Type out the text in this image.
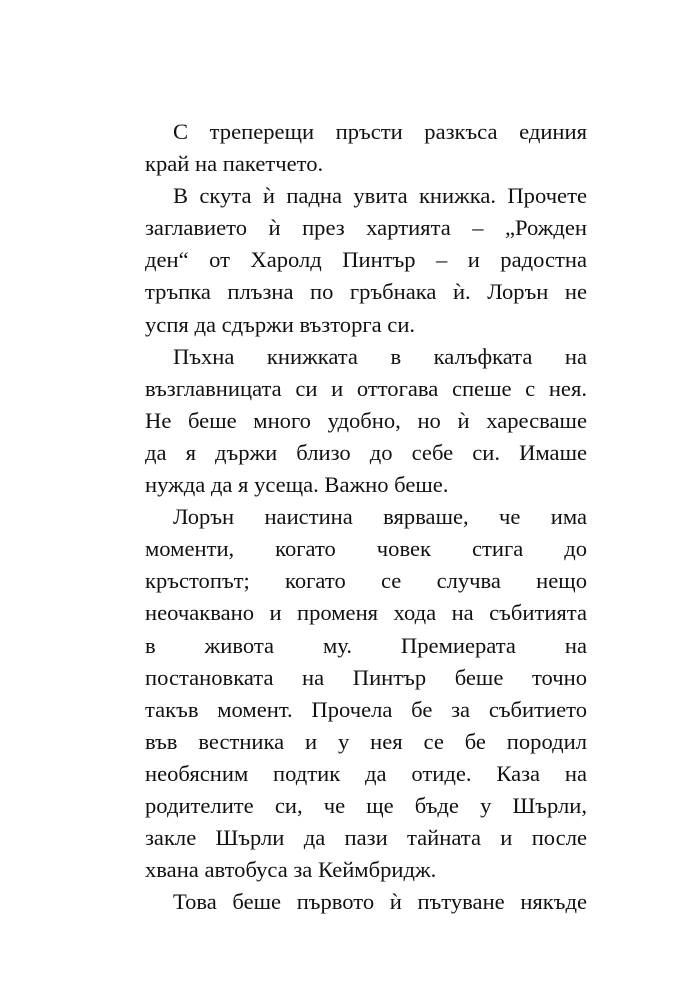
С треперещи пръсти разкъса единия
край на пакетчето.

В скута ѝ падна увита книжка. Прочете
заглавието ѝ през хартията – „Рожден
ден“ от Харолд Пинтър – и радостна
тръпка плъзна по гръбнака ѝ. Лорън не
успя да сдържи възторга си.

Пъхна книжката в калъфката на
възглавницата си и оттогава спеше с нея.
Не беше много удобно, но ѝ харесваше
да я държи близо до себе си. Имаше
нужда да я усеща. Важно беше.

Лорън наистина вярваше, че има
моменти, когато човек стига до
кръстопът; когато се случва нещо
неочаквано и променя хода на събитията
в живота му. Премиерата на
постановката на Пинтър беше точно
такъв момент. Прочела бе за събитието
във вестника и у нея се бе породил
необясним подтик да отиде. Каза на
родителите си, че ще бъде у Шърли,
закле Шърли да пази тайната и после
хвана автобуса за Кеймбридж.

Това беше първото ѝ пътуване някъде
